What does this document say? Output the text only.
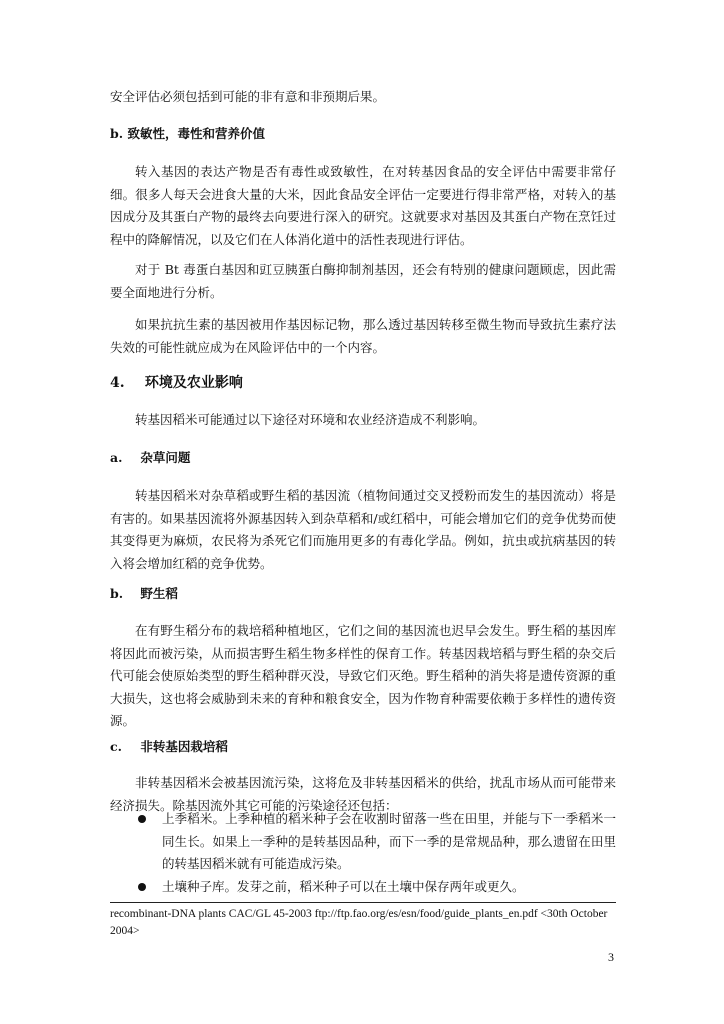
安全评估必须包括到可能的非有意和非预期后果。

b. 致敏性，毒性和营养价值

转入基因的表达产物是否有毒性或致敏性，在对转基因食品的安全评估中需要非常仔细。很多人每天会进食大量的大米，因此食品安全评估一定要进行得非常严格，对转入的基因成分及其蛋白产物的最终去向要进行深入的研究。这就要求对基因及其蛋白产物在烹饪过程中的降解情况，以及它们在人体消化道中的活性表现进行评估。

对于 Bt 毒蛋白基因和豇豆胰蛋白酶抑制剂基因，还会有特别的健康问题顾虑，因此需要全面地进行分析。

如果抗抗生素的基因被用作基因标记物，那么透过基因转移至微生物而导致抗生素疗法失效的可能性就应成为在风险评估中的一个内容。

4. 环境及农业影响

转基因稻米可能通过以下途径对环境和农业经济造成不利影响。

a. 杂草问题

转基因稻米对杂草稻或野生稻的基因流（植物间通过交叉授粉而发生的基因流动）将是有害的。如果基因流将外源基因转入到杂草稻和/或红稻中，可能会增加它们的竞争优势而使其变得更为麻烦，农民将为杀死它们而施用更多的有毒化学品。例如，抗虫或抗病基因的转入将会增加红稻的竞争优势。

b. 野生稻

在有野生稻分布的栽培稻种植地区，它们之间的基因流也迟早会发生。野生稻的基因库将因此而被污染，从而损害野生稻生物多样性的保育工作。转基因栽培稻与野生稻的杂交后代可能会使原始类型的野生稻种群灭没，导致它们灭绝。野生稻种的消失将是遗传资源的重大损失，这也将会威胁到未来的育种和粮食安全，因为作物育种需要依赖于多样性的遗传资源。

c. 非转基因栽培稻

非转基因稻米会被基因流污染，这将危及非转基因稻米的供给，扰乱市场从而可能带来经济损失。除基因流外其它可能的污染途径还包括：

上季稻米。上季种植的稻米种子会在收割时留落一些在田里，并能与下一季稻米一同生长。如果上一季种的是转基因品种，而下一季的是常规品种，那么遗留在田里的转基因稻米就有可能造成污染。
土壤种子库。发芽之前，稻米种子可以在土壤中保存两年或更久。

recombinant-DNA plants CAC/GL 45-2003 ftp://ftp.fao.org/es/esn/food/guide_plants_en.pdf <30th October 2004>

3
